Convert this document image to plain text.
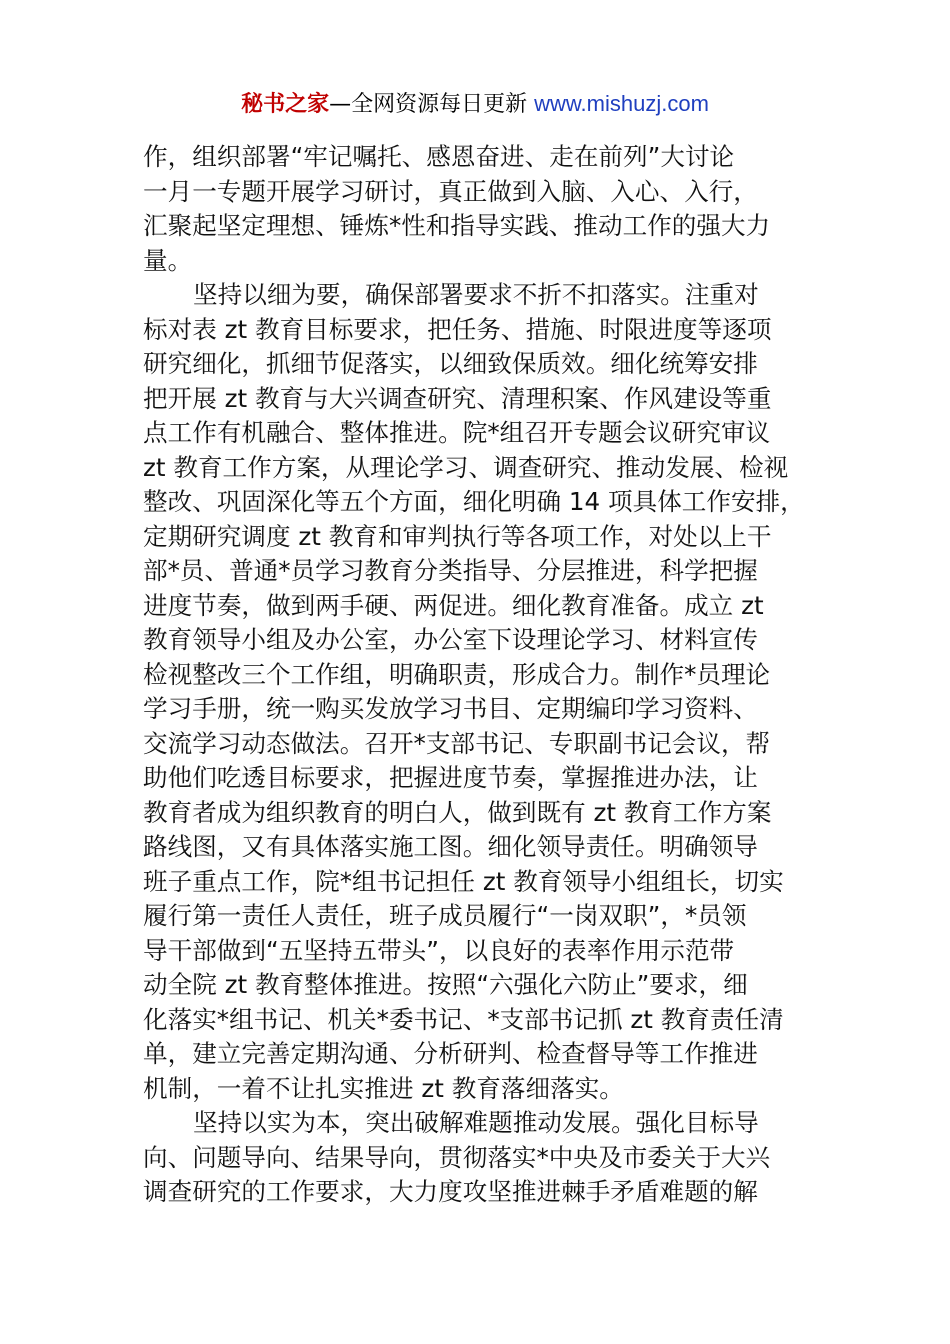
秘书之家—全网资源每日更新 www.mishuzj.com
作，组织部署“牢记嘱托、感恩奋进、走在前列”大讨论
一月一专题开展学习研讨，真正做到入脑、入心、入行，
汇聚起坚定理想、锤炼*性和指导实践、推动工作的强大力
量。
坚持以细为要，确保部署要求不折不扣落实。注重对
标对表 zt 教育目标要求，把任务、措施、时限进度等逐项
研究细化，抓细节促落实，以细致保质效。细化统筹安排
把开展 zt 教育与大兴调查研究、清理积案、作风建设等重
点工作有机融合、整体推进。院*组召开专题会议研究审议
zt 教育工作方案，从理论学习、调查研究、推动发展、检视
整改、巩固深化等五个方面，细化明确 14 项具体工作安排，
定期研究调度 zt 教育和审判执行等各项工作，对处以上干
部*员、普通*员学习教育分类指导、分层推进，科学把握
进度节奏，做到两手硬、两促进。细化教育准备。成立 zt
教育领导小组及办公室，办公室下设理论学习、材料宣传
检视整改三个工作组，明确职责，形成合力。制作*员理论
学习手册，统一购买发放学习书目、定期编印学习资料、
交流学习动态做法。召开*支部书记、专职副书记会议，帮
助他们吃透目标要求，把握进度节奏，掌握推进办法，让
教育者成为组织教育的明白人，做到既有 zt 教育工作方案
路线图，又有具体落实施工图。细化领导责任。明确领导
班子重点工作，院*组书记担任 zt 教育领导小组组长，切实
履行第一责任人责任，班子成员履行“一岗双职”，*员领
导干部做到“五坚持五带头”，以良好的表率作用示范带
动全院 zt 教育整体推进。按照“六强化六防止”要求，细
化落实*组书记、机关*委书记、*支部书记抓 zt 教育责任清
单，建立完善定期沟通、分析研判、检查督导等工作推进
机制，一着不让扎实推进 zt 教育落细落实。
坚持以实为本，突出破解难题推动发展。强化目标导
向、问题导向、结果导向，贯彻落实*中央及市委关于大兴
调查研究的工作要求，大力度攻坚推进棘手矛盾难题的解
